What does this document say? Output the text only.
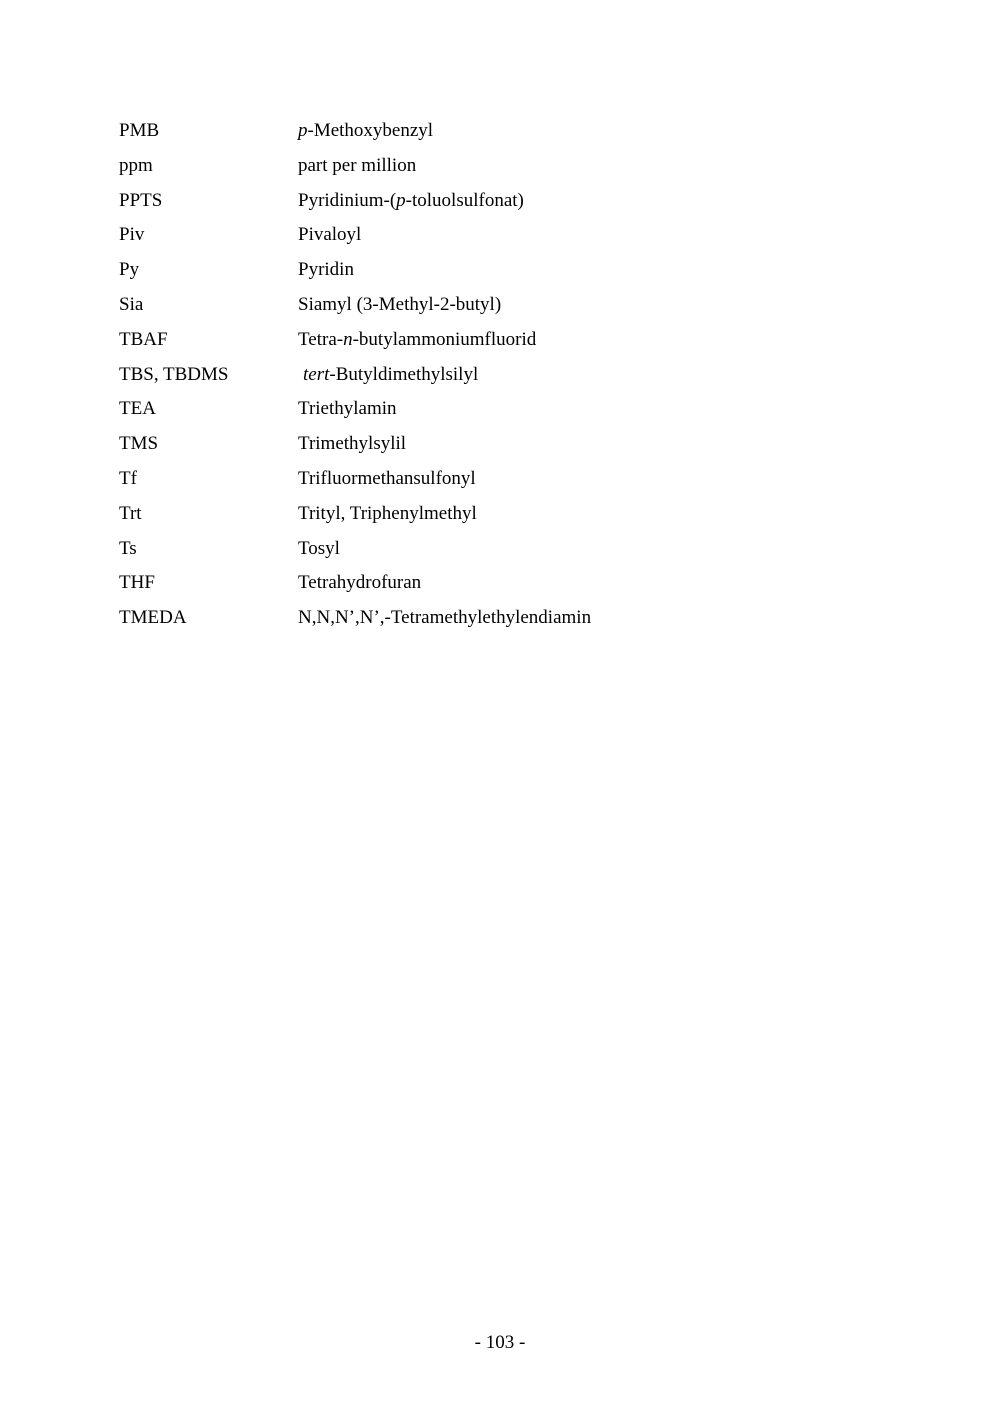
PMB	p-Methoxybenzyl
ppm	part per million
PPTS	Pyridinium-(p-toluolsulfonat)
Piv	Pivaloyl
Py	Pyridin
Sia	Siamyl (3-Methyl-2-butyl)
TBAF	Tetra-n-butylammoniumfluorid
TBS, TBDMS	tert-Butyldimethylsilyl
TEA	Triethylamin
TMS	Trimethylsylil
Tf	Trifluormethansulfonyl
Trt	Trityl, Triphenylmethyl
Ts	Tosyl
THF	Tetrahydrofuran
TMEDA	N,N,N’,N’,-Tetramethylethylendiamin
- 103 -
